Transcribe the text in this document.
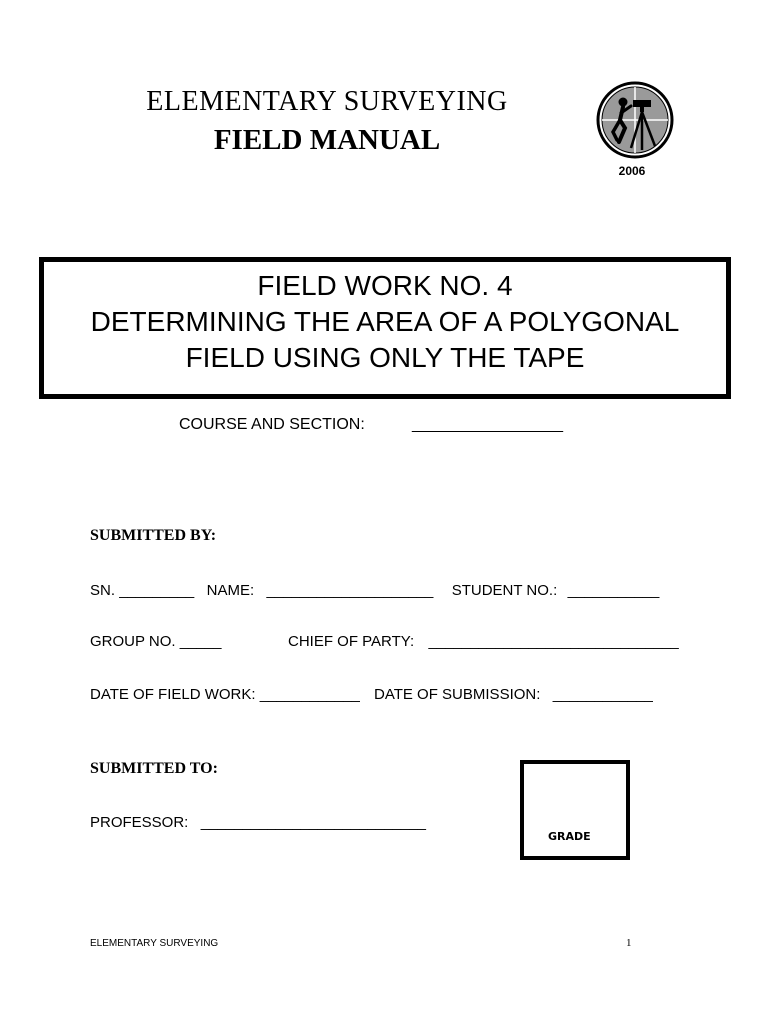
ELEMENTARY SURVEYING
FIELD MANUAL
2006
FIELD WORK NO. 4
DETERMINING THE AREA OF A POLYGONAL
FIELD USING ONLY THE TAPE
COURSE AND SECTION:	___________________
SUBMITTED BY:
SN. _________ NAME: ____________________ STUDENT NO.: ___________
GROUP NO. _____	CHIEF OF PARTY: ______________________________
DATE OF FIELD WORK: ____________ DATE OF SUBMISSION: ____________
SUBMITTED TO:
PROFESSOR: ___________________________
GRADE
ELEMENTARY SURVEYING	1
